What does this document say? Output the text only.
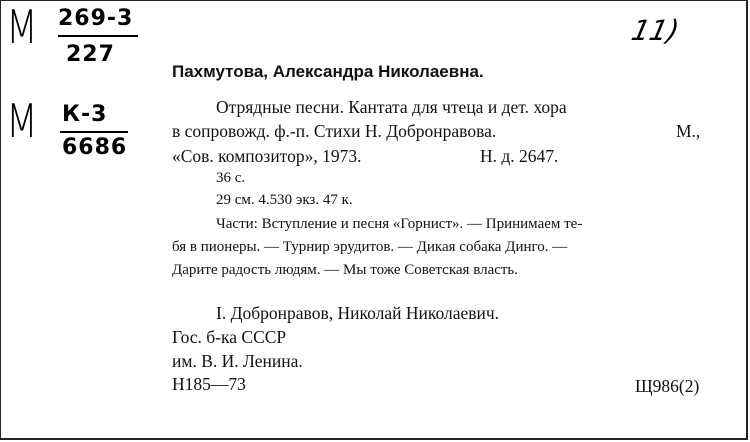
М 269-3
227
М К-3
6686
11)
Пахмутова, Александра Николаевна.
Отрядные песни. Кантата для чтеца и дет. хора
в сопровожд. ф.-п. Стихи Н. Добронравова.	М.,
«Сов. композитор», 1973.	Н. д. 2647.
36 с.
29 см. 4.530 экз. 47 к.
Части: Вступление и песня «Горнист». — Принимаем те-
бя в пионеры. — Турнир эрудитов. — Дикая собака Динго. —
Дарите радость людям. — Мы тоже Советская власть.
I. Добронравов, Николай Николаевич.
Гос. б-ка СССР
им. В. И. Ленина.
Н185—73	Щ986(2)
